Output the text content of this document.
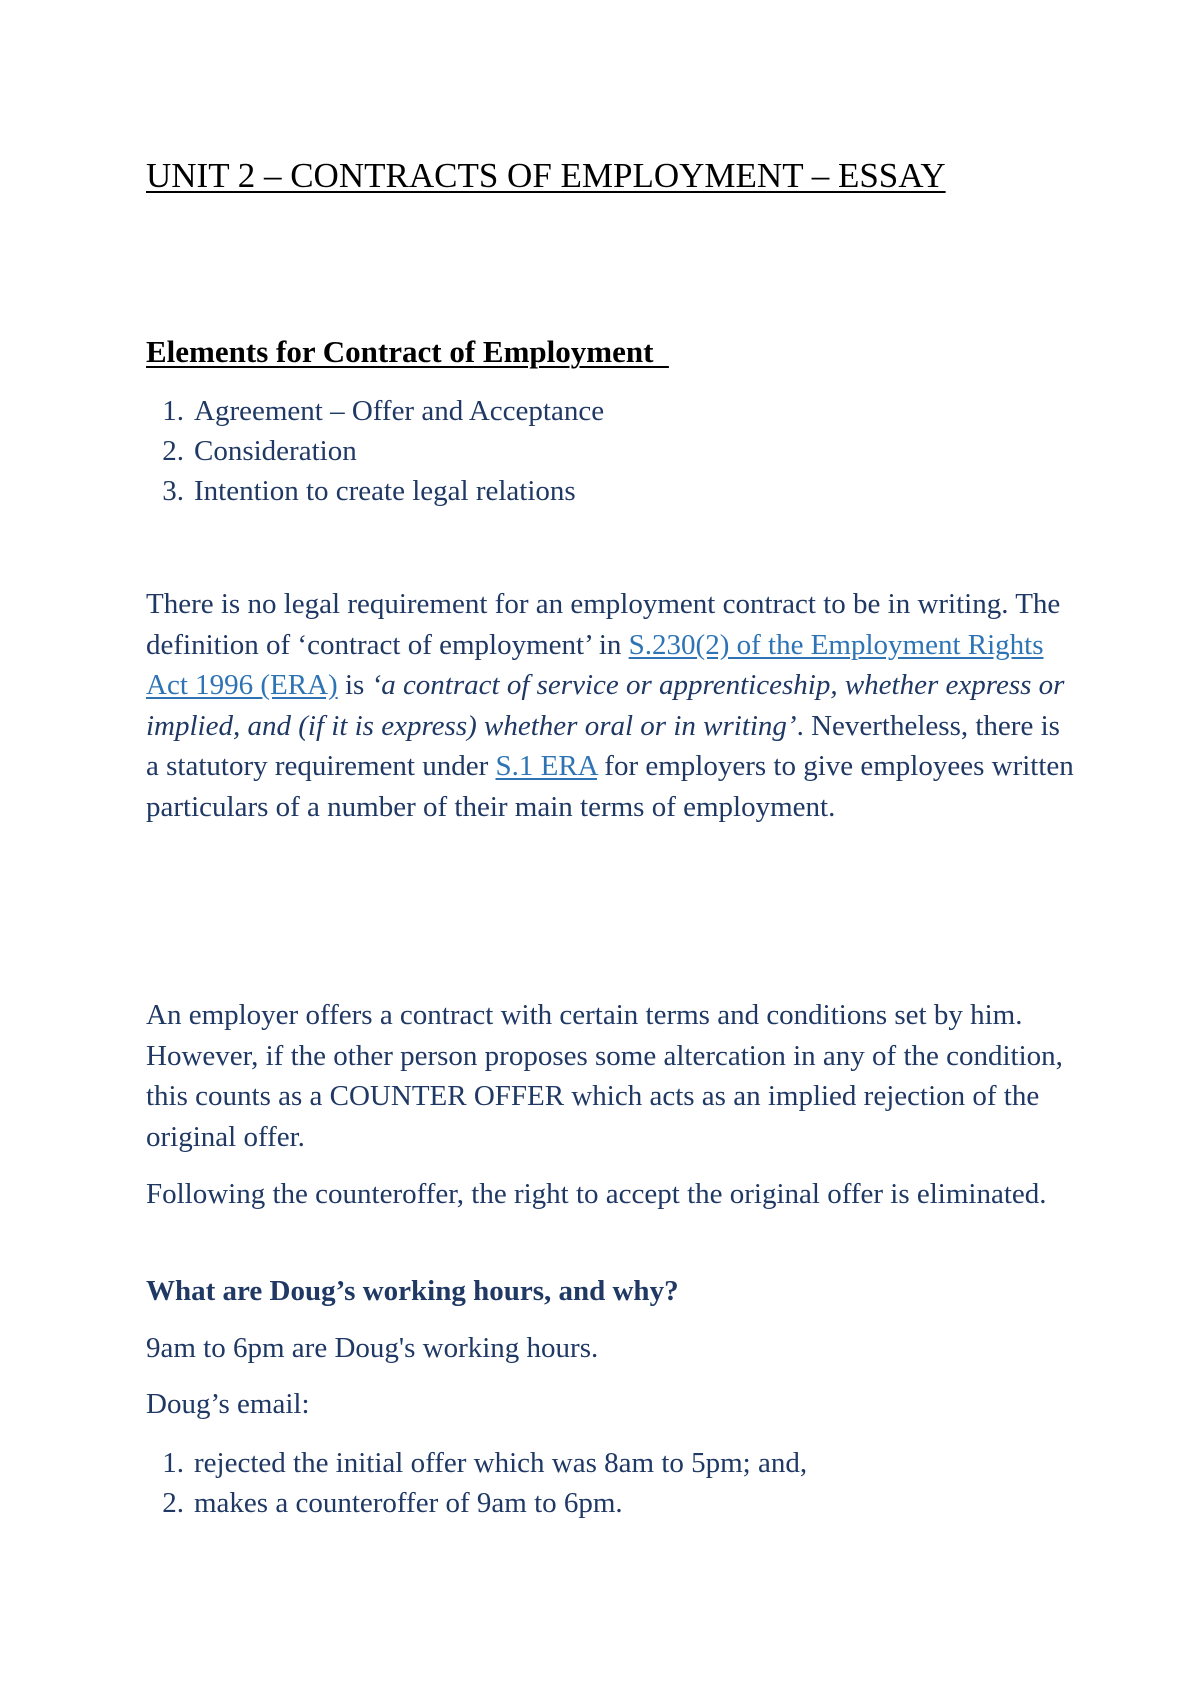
UNIT 2 – CONTRACTS OF EMPLOYMENT – ESSAY
Elements for Contract of Employment
1. Agreement – Offer and Acceptance
2. Consideration
3. Intention to create legal relations

There is no legal requirement for an employment contract to be in writing. The definition of ‘contract of employment’ in S.230(2) of the Employment Rights Act 1996 (ERA) is ‘a contract of service or apprenticeship, whether express or implied, and (if it is express) whether oral or in writing’. Nevertheless, there is a statutory requirement under S.1 ERA for employers to give employees written particulars of a number of their main terms of employment.

An employer offers a contract with certain terms and conditions set by him. However, if the other person proposes some altercation in any of the condition, this counts as a COUNTER OFFER which acts as an implied rejection of the original offer.

Following the counteroffer, the right to accept the original offer is eliminated.

What are Doug’s working hours, and why?

9am to 6pm are Doug's working hours.

Doug’s email:

1. rejected the initial offer which was 8am to 5pm; and,
2. makes a counteroffer of 9am to 6pm.
